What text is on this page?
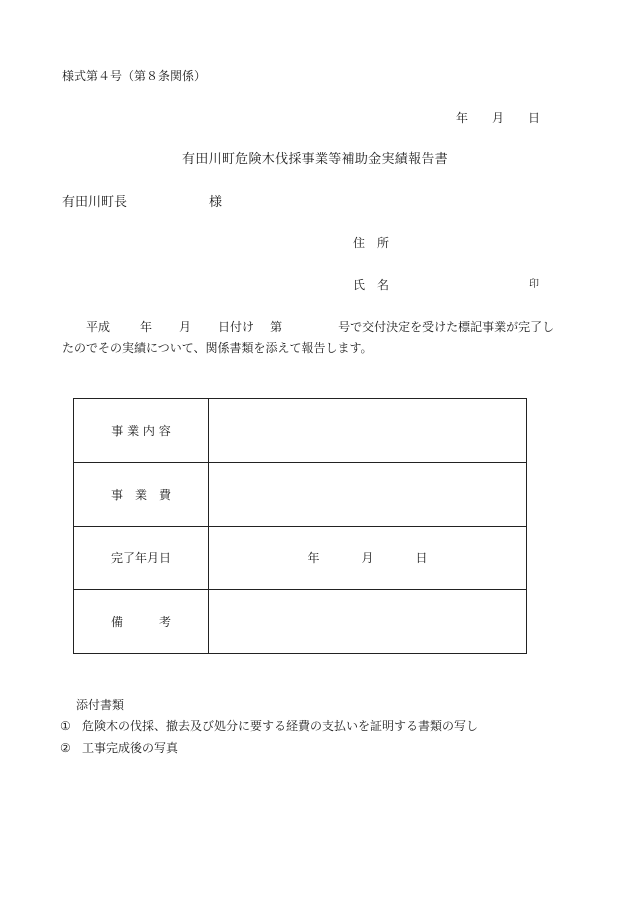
様式第４号（第８条関係）
年 月 日
有田川町危険木伐採事業等補助金実績報告書
有田川町長	様
住　所
氏　名	印
平成	年 月 日付け 第	号で交付決定を受けた標記事業が完了し
たのでその実績について、関係書類を添えて報告します。
事 業 内 容	
事　業　費	
完了年月日	年 月 日
備　　　考	
添付書類
① 危険木の伐採、撤去及び処分に要する経費の支払いを証明する書類の写し
② 工事完成後の写真
